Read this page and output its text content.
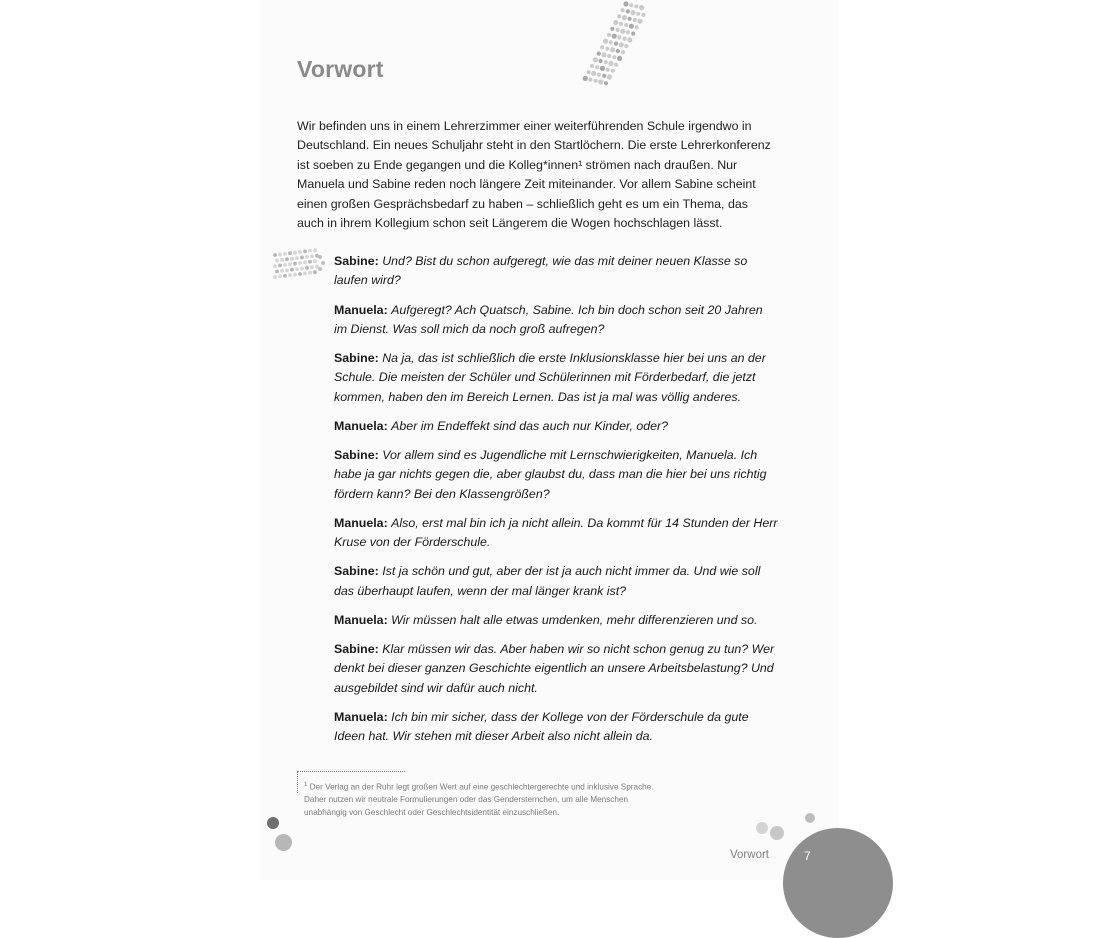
Vorwort
Wir befinden uns in einem Lehrerzimmer einer weiterführenden Schule irgendwo in Deutschland. Ein neues Schuljahr steht in den Startlöchern. Die erste Lehrerkonferenz ist soeben zu Ende gegangen und die Kolleg*innen¹ strömen nach draußen. Nur Manuela und Sabine reden noch längere Zeit miteinander. Vor allem Sabine scheint einen großen Gesprächsbedarf zu haben – schließlich geht es um ein Thema, das auch in ihrem Kollegium schon seit Längerem die Wogen hochschlagen lässt.

Sabine: Und? Bist du schon aufgeregt, wie das mit deiner neuen Klasse so laufen wird?

Manuela: Aufgeregt? Ach Quatsch, Sabine. Ich bin doch schon seit 20 Jahren im Dienst. Was soll mich da noch groß aufregen?

Sabine: Na ja, das ist schließlich die erste Inklusionsklasse hier bei uns an der Schule. Die meisten der Schüler und Schülerinnen mit Förderbedarf, die jetzt kommen, haben den im Bereich Lernen. Das ist ja mal was völlig anderes.

Manuela: Aber im Endeffekt sind das auch nur Kinder, oder?

Sabine: Vor allem sind es Jugendliche mit Lernschwierigkeiten, Manuela. Ich habe ja gar nichts gegen die, aber glaubst du, dass man die hier bei uns richtig fördern kann? Bei den Klassengrößen?

Manuela: Also, erst mal bin ich ja nicht allein. Da kommt für 14 Stunden der Herr Kruse von der Förderschule.

Sabine: Ist ja schön und gut, aber der ist ja auch nicht immer da. Und wie soll das überhaupt laufen, wenn der mal länger krank ist?

Manuela: Wir müssen halt alle etwas umdenken, mehr differenzieren und so.

Sabine: Klar müssen wir das. Aber haben wir so nicht schon genug zu tun? Wer denkt bei dieser ganzen Geschichte eigentlich an unsere Arbeitsbelastung? Und ausgebildet sind wir dafür auch nicht.

Manuela: Ich bin mir sicher, dass der Kollege von der Förderschule da gute Ideen hat. Wir stehen mit dieser Arbeit also nicht allein da.

$^1$ Der Verlag an der Ruhr legt großen Wert auf eine geschlechtergerechte und inklusive Sprache. Daher nutzen wir neutrale Formulierungen oder das Gendersternchen, um alle Menschen unabhängig von Geschlecht oder Geschlechtsidentität einzuschließen.
Vorwort	7
